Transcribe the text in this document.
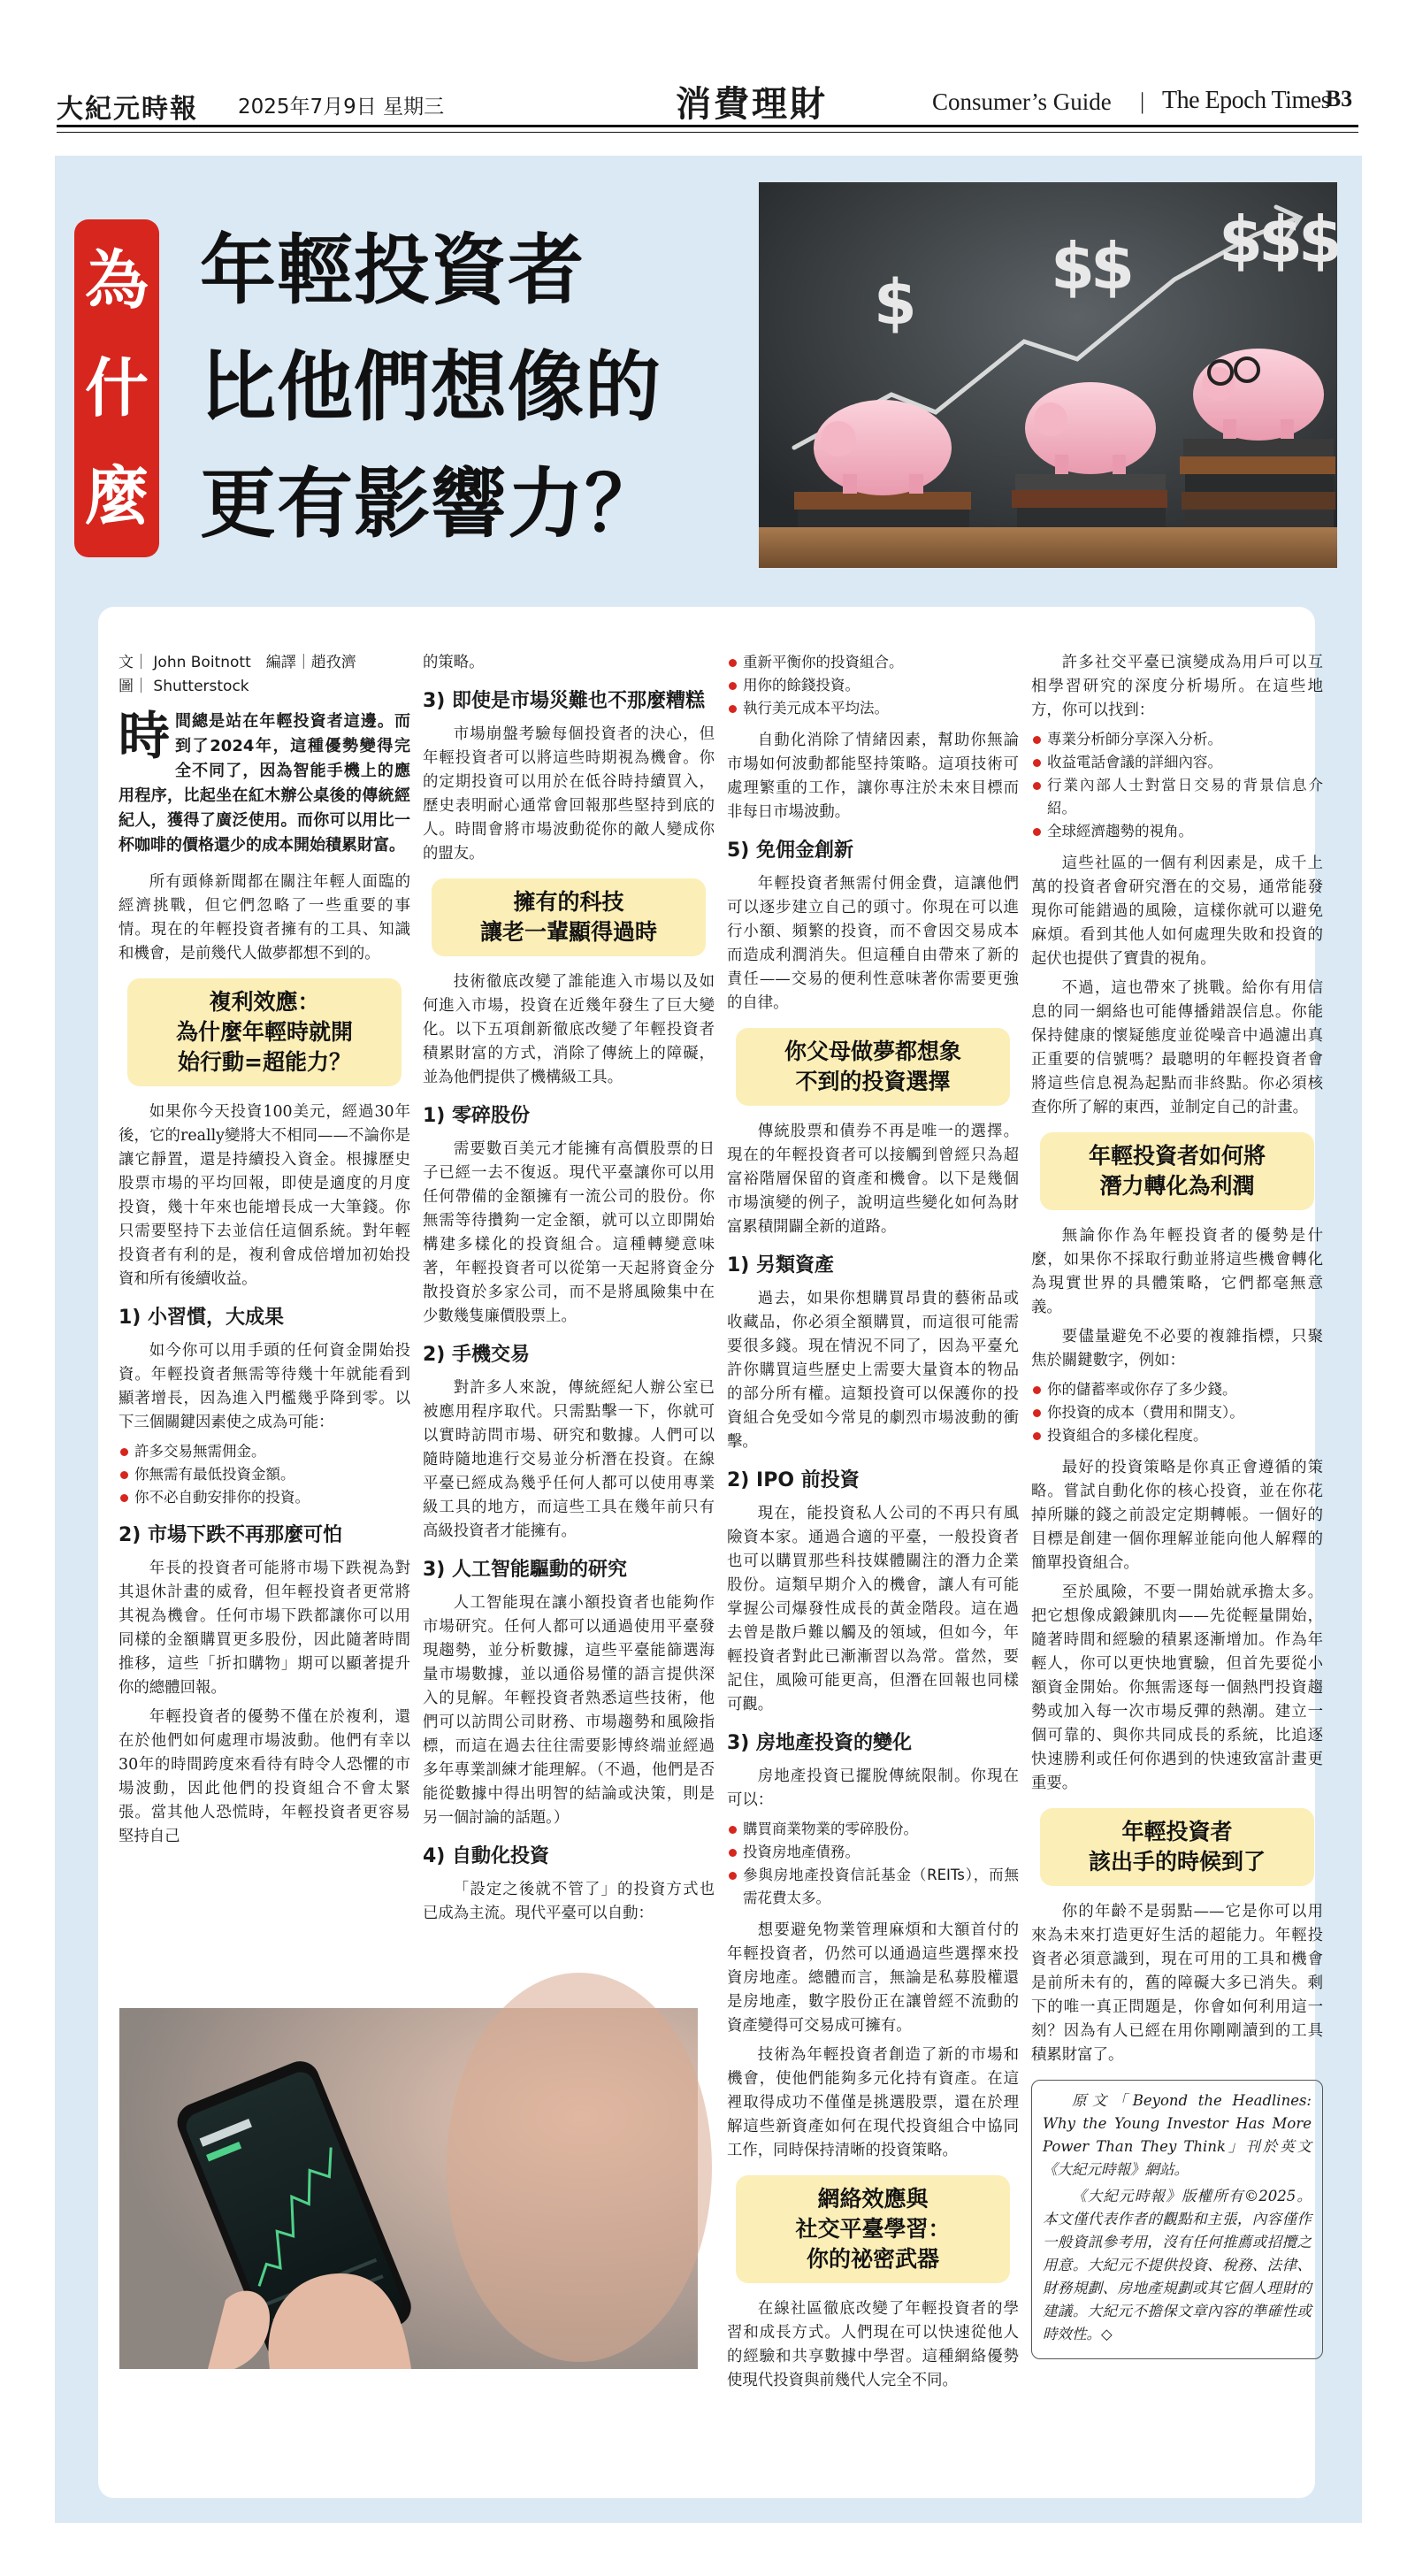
大紀元時報 2025年7月9日 星期三	消費理財	Consumer’s Guide | The Epoch Times
B3
為
什
麼
年輕投資者
比他們想像的
更有影響力？
$ $
$ $
$
$
文｜ John Boitnott　編譯｜趙孜濟
圖｜ Shutterstock

時間總是站在年輕投資者這邊。而到了2024年，這種優勢變得完全不同了，因為智能手機上的應用程序，比起坐在紅木辦公桌後的傳統經紀人，獲得了廣泛使用。而你可以用比一杯咖啡的價格還少的成本開始積累財富。

所有頭條新聞都在關注年輕人面臨的經濟挑戰，但它們忽略了一些重要的事情。現在的年輕投資者擁有的工具、知識和機會，是前幾代人做夢都想不到的。

複利效應：
為什麼年輕時就開
始行動=超能力？

如果你今天投資100美元，經過30年後，它的really變將大不相同——不論你是讓它靜置，還是持續投入資金。根據歷史股票市場的平均回報，即使是適度的月度投資，幾十年來也能增長成一大筆錢。你只需要堅持下去並信任這個系統。對年輕投資者有利的是，複利會成倍增加初始投資和所有後續收益。

1) 小習慣，大成果

如今你可以用手頭的任何資金開始投資。年輕投資者無需等待幾十年就能看到顯著增長，因為進入門檻幾乎降到零。以下三個關鍵因素使之成為可能：

許多交易無需佣金。
你無需有最低投資金額。
你不必自動安排你的投資。
2) 市場下跌不再那麼可怕

年長的投資者可能將市場下跌視為對其退休計畫的威脅，但年輕投資者更常將其視為機會。任何市場下跌都讓你可以用同樣的金額購買更多股份，因此隨著時間推移，這些「折扣購物」期可以顯著提升你的總體回報。

年輕投資者的優勢不僅在於複利，還在於他們如何處理市場波動。他們有幸以30年的時間跨度來看待有時令人恐懼的市場波動，因此他們的投資組合不會太緊張。當其他人恐慌時，年輕投資者更容易堅持自己

的策略。

3) 即使是市場災難也不那麼糟糕

市場崩盤考驗每個投資者的決心，但年輕投資者可以將這些時期視為機會。你的定期投資可以用於在低谷時持續買入，歷史表明耐心通常會回報那些堅持到底的人。時間會將市場波動從你的敵人變成你的盟友。

擁有的科技
讓老一輩顯得過時

技術徹底改變了誰能進入市場以及如何進入市場，投資在近幾年發生了巨大變化。以下五項創新徹底改變了年輕投資者積累財富的方式，消除了傳統上的障礙，並為他們提供了機構級工具。

1) 零碎股份

需要數百美元才能擁有高價股票的日子已經一去不復返。現代平臺讓你可以用任何帶備的金額擁有一流公司的股份。你無需等待攢夠一定金額，就可以立即開始構建多樣化的投資組合。這種轉變意味著，年輕投資者可以從第一天起將資金分散投資於多家公司，而不是將風險集中在少數幾隻廉價股票上。

2) 手機交易

對許多人來說，傳統經紀人辦公室已被應用程序取代。只需點擊一下，你就可以實時訪問市場、研究和數據。人們可以隨時隨地進行交易並分析潛在投資。在線平臺已經成為幾乎任何人都可以使用專業級工具的地方，而這些工具在幾年前只有高級投資者才能擁有。

3) 人工智能驅動的研究

人工智能現在讓小額投資者也能夠作市場研究。任何人都可以通過使用平臺發現趨勢，並分析數據，這些平臺能篩選海量市場數據，並以通俗易懂的語言提供深入的見解。年輕投資者熟悉這些技術，他們可以訪問公司財務、市場趨勢和風險指標，而這在過去往往需要影博終端並經過多年專業訓練才能理解。（不過，他們是否能從數據中得出明智的結論或決策，則是另一個討論的話題。）

4) 自動化投資

「設定之後就不管了」的投資方式也已成為主流。現代平臺可以自動：

重新平衡你的投資組合。
用你的餘錢投資。
執行美元成本平均法。

自動化消除了情緒因素，幫助你無論市場如何波動都能堅持策略。這項技術可處理繁重的工作，讓你專注於未來目標而非每日市場波動。

5) 免佣金創新

年輕投資者無需付佣金費，這讓他們可以逐步建立自己的頭寸。你現在可以進行小額、頻繁的投資，而不會因交易成本而造成利潤消失。但這種自由帶來了新的責任——交易的便利性意味著你需要更強的自律。

你父母做夢都想象
不到的投資選擇

傳統股票和債券不再是唯一的選擇。現在的年輕投資者可以接觸到曾經只為超富裕階層保留的資產和機會。以下是幾個市場演變的例子，說明這些變化如何為財富累積開闢全新的道路。

1) 另類資產

過去，如果你想購買昂貴的藝術品或收藏品，你必須全額購買，而這很可能需要很多錢。現在情況不同了，因為平臺允許你購買這些歷史上需要大量資本的物品的部分所有權。這類投資可以保護你的投資組合免受如今常見的劇烈市場波動的衝擊。

2) IPO 前投資

現在，能投資私人公司的不再只有風險資本家。通過合適的平臺，一般投資者也可以購買那些科技媒體關注的潛力企業股份。這類早期介入的機會，讓人有可能掌握公司爆發性成長的黃金階段。這在過去曾是散戶難以觸及的領域，但如今，年輕投資者對此已漸漸習以為常。當然，要記住，風險可能更高，但潛在回報也同樣可觀。

3) 房地產投資的變化

房地產投資已擺脫傳統限制。你現在可以：

購買商業物業的零碎股份。
投資房地產債務。
參與房地產投資信託基金（REITs），而無需花費太多。

想要避免物業管理麻煩和大額首付的年輕投資者，仍然可以通過這些選擇來投資房地產。總體而言，無論是私募股權還是房地產，數字股份正在讓曾經不流動的資產變得可交易成可擁有。

技術為年輕投資者創造了新的市場和機會，使他們能夠多元化持有資產。在這裡取得成功不僅僅是挑選股票，還在於理解這些新資產如何在現代投資組合中協同工作，同時保持清晰的投資策略。

網絡效應與
社交平臺學習：
你的祕密武器

在線社區徹底改變了年輕投資者的學習和成長方式。人們現在可以快速從他人的經驗和共享數據中學習。這種網絡優勢使現代投資與前幾代人完全不同。

許多社交平臺已演變成為用戶可以互相學習研究的深度分析場所。在這些地方，你可以找到：

專業分析師分享深入分析。
收益電話會議的詳細內容。
行業內部人士對當日交易的背景信息介紹。
全球經濟趨勢的視角。

這些社區的一個有利因素是，成千上萬的投資者會研究潛在的交易，通常能發現你可能錯過的風險，這樣你就可以避免麻煩。看到其他人如何處理失敗和投資的起伏也提供了寶貴的視角。

不過，這也帶來了挑戰。給你有用信息的同一網絡也可能傳播錯誤信息。你能保持健康的懷疑態度並從噪音中過濾出真正重要的信號嗎？最聰明的年輕投資者會將這些信息視為起點而非終點。你必須核查你所了解的東西，並制定自己的計畫。

年輕投資者如何將
潛力轉化為利潤

無論你作為年輕投資者的優勢是什麼，如果你不採取行動並將這些機會轉化為現實世界的具體策略，它們都毫無意義。

要儘量避免不必要的複雜指標，只聚焦於關鍵數字，例如：

你的儲蓄率或你存了多少錢。
你投資的成本（費用和開支）。
投資組合的多樣化程度。

最好的投資策略是你真正會遵循的策略。嘗試自動化你的核心投資，並在你花掉所賺的錢之前設定定期轉帳。一個好的目標是創建一個你理解並能向他人解釋的簡單投資組合。

至於風險，不要一開始就承擔太多。把它想像成鍛鍊肌肉——先從輕量開始，隨著時間和經驗的積累逐漸增加。作為年輕人，你可以更快地實驗，但首先要從小額資金開始。你無需逐每一個熱門投資趨勢或加入每一次市場反彈的熱潮。建立一個可靠的、與你共同成長的系統，比追逐快速勝利或任何你遇到的快速致富計畫更重要。

年輕投資者
該出手的時候到了

你的年齡不是弱點——它是你可以用來為未來打造更好生活的超能力。年輕投資者必須意識到，現在可用的工具和機會是前所未有的，舊的障礙大多已消失。剩下的唯一真正問題是，你會如何利用這一刻？因為有人已經在用你剛剛讀到的工具積累財富了。

原文「Beyond the Headlines: Why the Young Investor Has More Power Than They Think」刊於英文《大紀元時報》網站。

《大紀元時報》版權所有©2025。本文僅代表作者的觀點和主張，內容僅作一般資訊參考用，沒有任何推薦或招攬之用意。大紀元不提供投資、稅務、法律、財務規劃、房地產規劃或其它個人理財的建議。大紀元不擔保文章內容的準確性或時效性。◇
